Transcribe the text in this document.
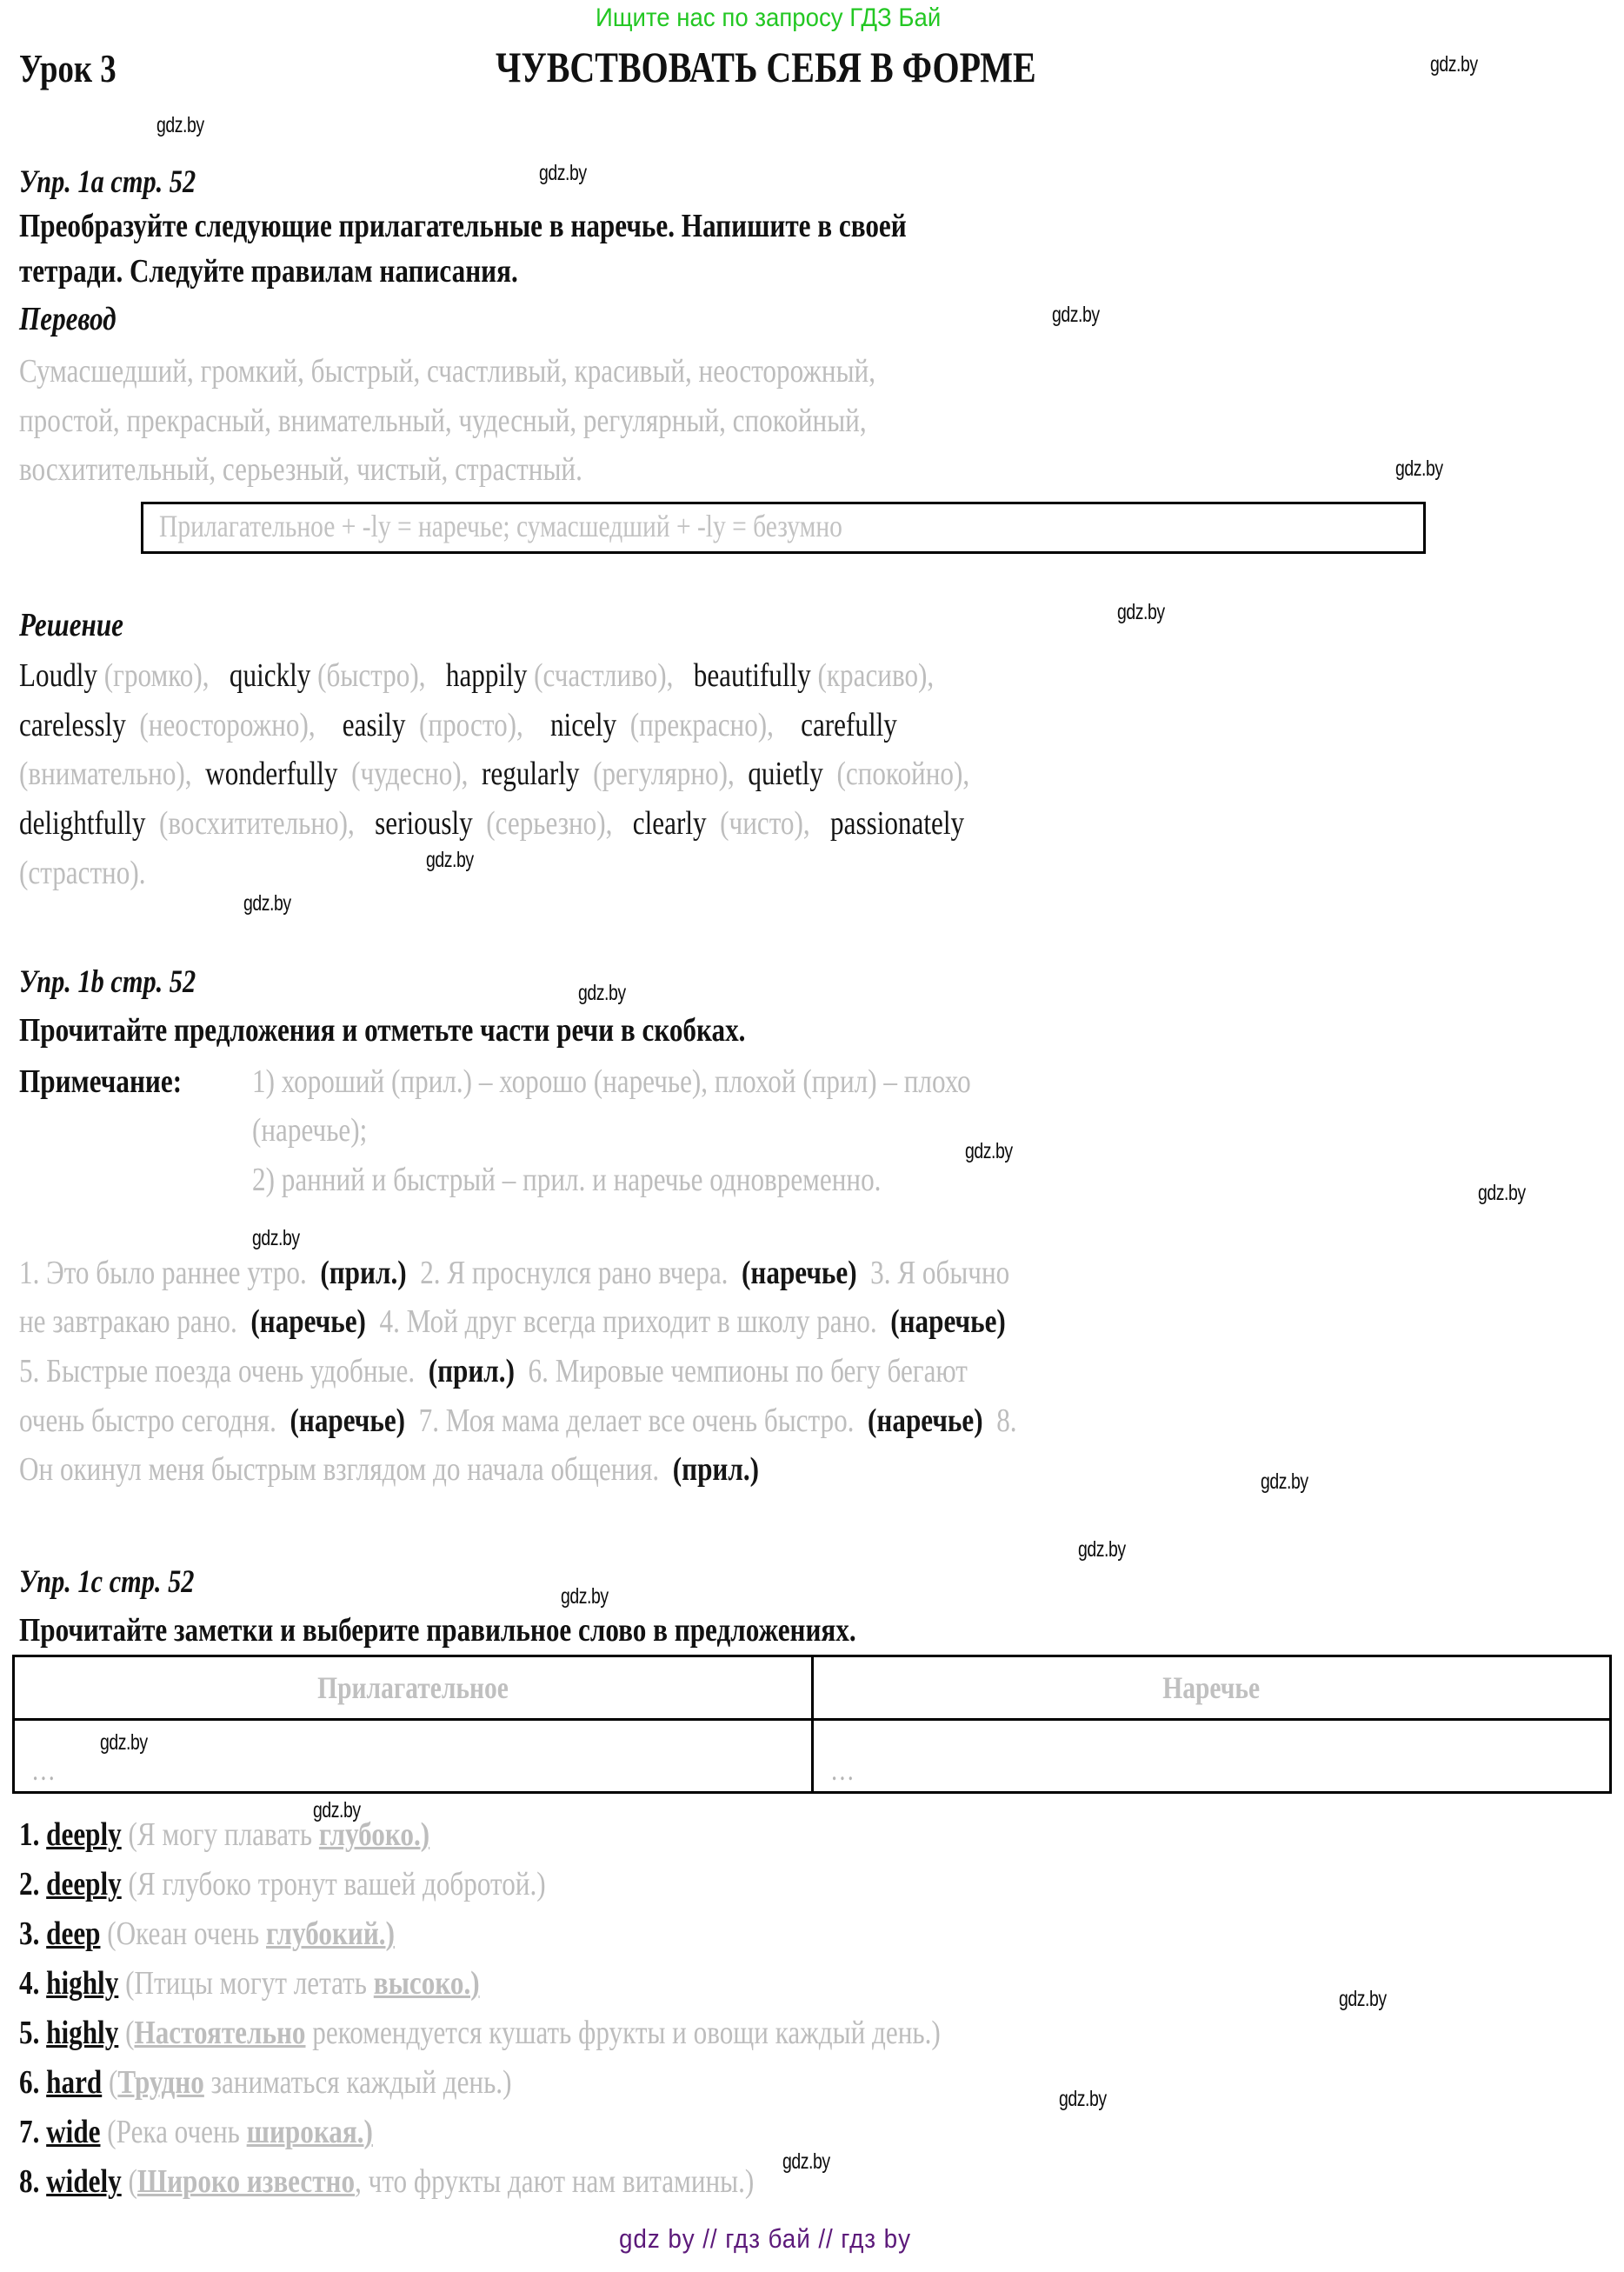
Ищите нас по запросу ГДЗ Бай
gdz.by
gdz.by
gdz.by
gdz.by
gdz.by
gdz.by
gdz.by
gdz.by
gdz.by
gdz.by
gdz.by
gdz.by
gdz.by
gdz.by
gdz.by
gdz.by
gdz.by
gdz.by
gdz.by
gdz.by
gdz by // гдз бай // гдз by
Урок 3	ЧУВСТВОВАТЬ СЕБЯ В ФОРМЕ
Упр. 1a стр. 52
Преобразуйте следующие прилагательные в наречье. Напишите в своей
тетради. Следуйте правилам написания.
Перевод
Сумасшедший, громкий, быстрый, счастливый, красивый, неосторожный,
простой, прекрасный, внимательный, чудесный, регулярный, спокойный,
восхитительный, серьезный, чистый, страстный.
Прилагательное + -ly = наречье; сумасшедший + -ly = безумно
Решение
Loudly (громко), quickly (быстро), happily (счастливо), beautifully (красиво),
carelessly (неосторожно), easily (просто), nicely (прекрасно), carefully
(внимательно), wonderfully (чудесно), regularly (регулярно), quietly (спокойно),
delightfully (восхитительно), seriously (серьезно), clearly (чисто), passionately
(страстно).
Упр. 1b стр. 52
Прочитайте предложения и отметьте части речи в скобках.
Примечание: 1) хороший (прил.) – хорошо (наречье), плохой (прил) – плохо
(наречье);
2) ранний и быстрый – прил. и наречье одновременно.
1. Это было раннее утро. (прил.) 2. Я проснулся рано вчера. (наречье) 3. Я обычно
не завтракаю рано. (наречье) 4. Мой друг всегда приходит в школу рано. (наречье)
5. Быстрые поезда очень удобные. (прил.) 6. Мировые чемпионы по бегу бегают
очень быстро сегодня. (наречье) 7. Моя мама делает все очень быстро. (наречье) 8.
Он окинул меня быстрым взглядом до начала общения. (прил.)
Упр. 1c стр. 52
Прочитайте заметки и выберите правильное слово в предложениях.
Прилагательное	Наречье
…	…
1. deeply (Я могу плавать глубоко.)
2. deeply (Я глубоко тронут вашей добротой.)
3. deep (Океан очень глубокий.)
4. highly (Птицы могут летать высоко.)
5. highly (Настоятельно рекомендуется кушать фрукты и овощи каждый день.)
6. hard (Трудно заниматься каждый день.)
7. wide (Река очень широкая.)
8. widely (Широко известно, что фрукты дают нам витамины.)
